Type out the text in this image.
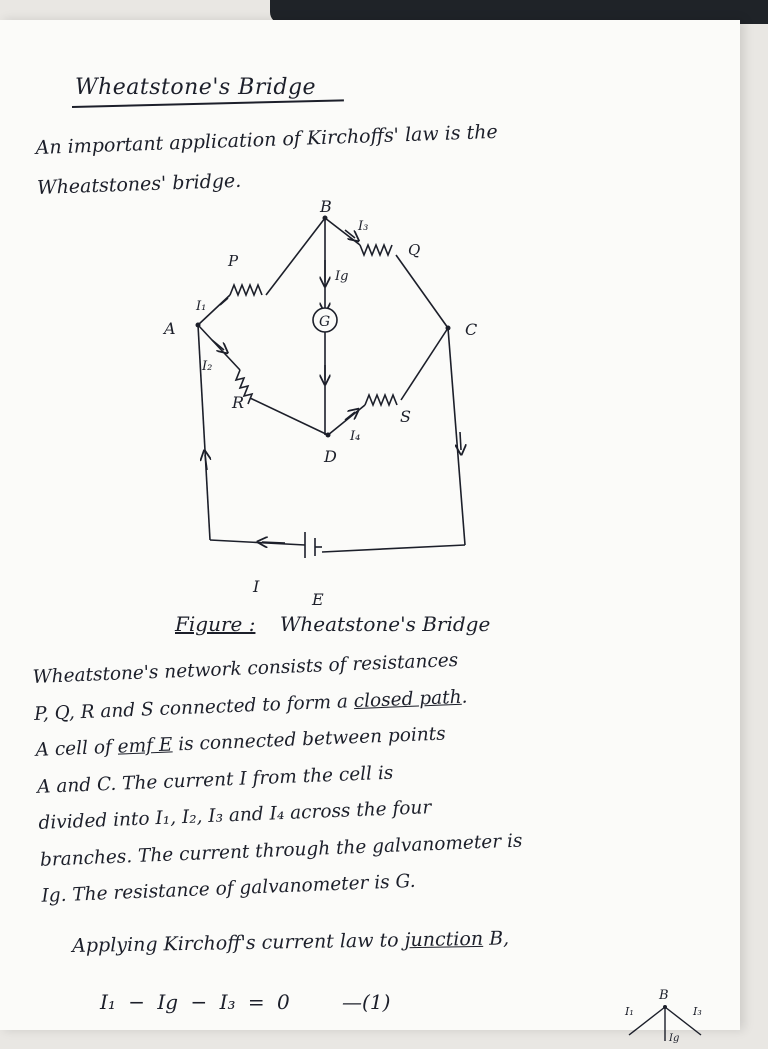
Wheatstone's Bridge
An important application of Kirchoffs' law is the
Wheatstones' bridge.
G
A
B
C
D
P
Q
R
S
I₁
I₂
I₃
Ig
I₄
I
E
Figure : Wheatstone's Bridge

Wheatstone's network consists of resistances

P, Q, R and S connected to form a closed path.

A cell of emf E is connected between points

A and C. The current I from the cell is

divided into I₁, I₂, I₃ and I₄ across the four

branches. The current through the galvanometer is

Ig. The resistance of galvanometer is G.

Applying Kirchoff's current law to junction B,
I₁ − Ig − I₃ = 0	—(1)	B
I₁	I₃
Ig
